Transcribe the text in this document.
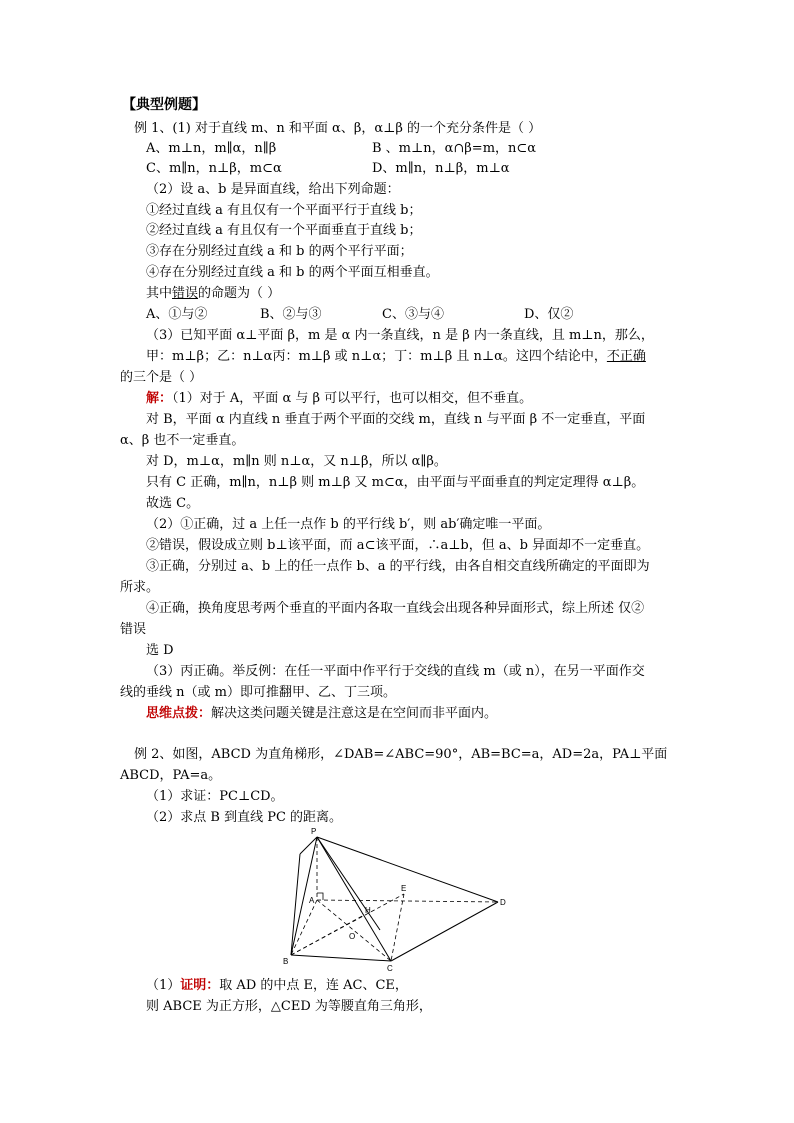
【典型例题】
例 1、(1) 对于直线 m、n 和平面 α、β，α⊥β 的一个充分条件是（ ）
A、m⊥n，m∥α，n∥β	B 、m⊥n，α∩β=m，n⊂α
C、m∥n，n⊥β，m⊂α	D、m∥n，n⊥β，m⊥α
（2）设 a、b 是异面直线，给出下列命题：
①经过直线 a 有且仅有一个平面平行于直线 b；
②经过直线 a 有且仅有一个平面垂直于直线 b；
③存在分别经过直线 a 和 b 的两个平行平面；
④存在分别经过直线 a 和 b 的两个平面互相垂直。
其中错误的命题为（ ）
A、①与②	B、②与③	C、③与④	D、仅②
（3）已知平面 α⊥平面 β，m 是 α 内一条直线，n 是 β 内一条直线，且 m⊥n，那么，
甲：m⊥β；乙：n⊥α丙：m⊥β 或 n⊥α；丁：m⊥β 且 n⊥α。这四个结论中，不正确
的三个是（ ）
解：（1）对于 A，平面 α 与 β 可以平行，也可以相交，但不垂直。
对 B，平面 α 内直线 n 垂直于两个平面的交线 m，直线 n 与平面 β 不一定垂直，平面
α、β 也不一定垂直。
对 D，m⊥α，m∥n 则 n⊥α，又 n⊥β，所以 α∥β。
只有 C 正确，m∥n，n⊥β 则 m⊥β 又 m⊂α，由平面与平面垂直的判定定理得 α⊥β。
故选 C。
（2）①正确，过 a 上任一点作 b 的平行线 b′，则 ab′确定唯一平面。
②错误，假设成立则 b⊥该平面，而 a⊂该平面，∴a⊥b，但 a、b 异面却不一定垂直。
③正确，分别过 a、b 上的任一点作 b、a 的平行线，由各自相交直线所确定的平面即为
所求。
④正确，换角度思考两个垂直的平面内各取一直线会出现各种异面形式，综上所述 仅②
错误
选 D
（3）丙正确。举反例：在任一平面中作平行于交线的直线 m（或 n），在另一平面作交
线的垂线 n（或 m）即可推翻甲、乙、丁三项。
思维点拨：解决这类问题关键是注意这是在空间而非平面内。
例 2、如图，ABCD 为直角梯形，∠DAB=∠ABC=90°，AB=BC=a，AD=2a，PA⊥平面
ABCD，PA=a。
（1）求证：PC⊥CD。
（2）求点 B 到直线 PC 的距离。
P
A
B
C
D
E
H
O
（1）证明：取 AD 的中点 E，连 AC、CE，
则 ABCE 为正方形，△CED 为等腰直角三角形，
